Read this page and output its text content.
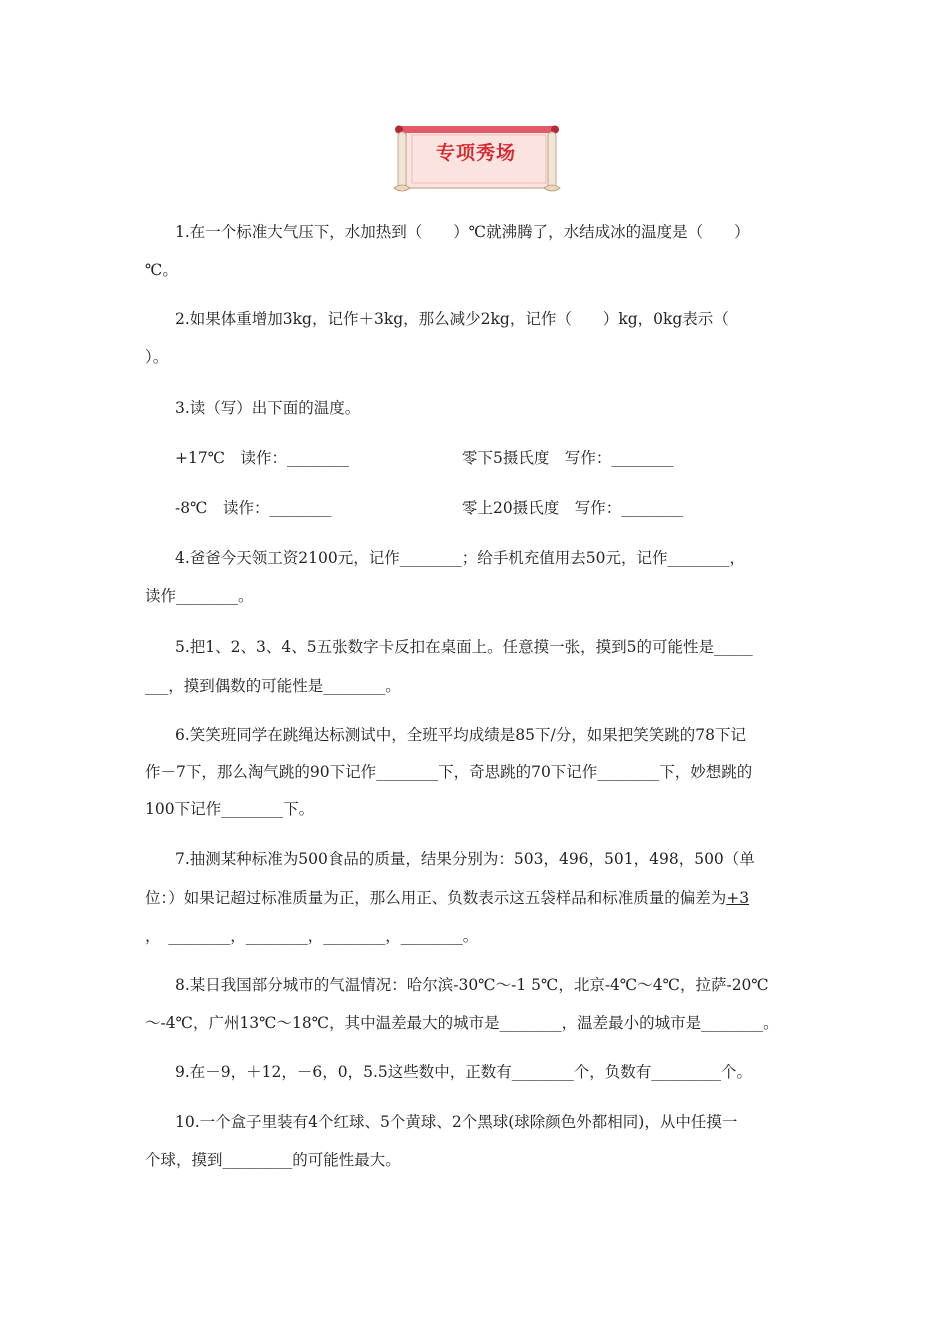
专项秀场
1.在一个标准大气压下，水加热到（　　）℃就沸腾了，水结成冰的温度是（　　）
℃。
2.如果体重增加3kg，记作＋3kg，那么减少2kg，记作（　　）kg，0kg表示（
）。
3.读（写）出下面的温度。
+17℃　读作：________	零下5摄氏度　写作：________
-8℃　读作：________	零上20摄氏度　写作：________
4.爸爸今天领工资2100元，记作________；给手机充值用去50元，记作________，
读作________。
5.把1、2、3、4、5五张数字卡反扣在桌面上。任意摸一张，摸到5的可能性是_____
___，摸到偶数的可能性是________。
6.笑笑班同学在跳绳达标测试中，全班平均成绩是85下/分，如果把笑笑跳的78下记
作－7下，那么淘气跳的90下记作________下，奇思跳的70下记作________下，妙想跳的
100下记作________下。
7.抽测某种标准为500食品的质量，结果分别为：503，496，501，498，500（单
位：）如果记超过标准质量为正，那么用正、负数表示这五袋样品和标准质量的偏差为+3
，　________，________，________，________。
8.某日我国部分城市的气温情况：哈尔滨-30℃～-1 5℃，北京-4℃～4℃，拉萨-20℃
～-4℃，广州13℃～18℃，其中温差最大的城市是________，温差最小的城市是________。
9.在－9，＋12，－6，0，5.5这些数中，正数有________个，负数有_________个。
10.一个盒子里装有4个红球、5个黄球、2个黑球(球除颜色外都相同)，从中任摸一
个球，摸到_________的可能性最大。
